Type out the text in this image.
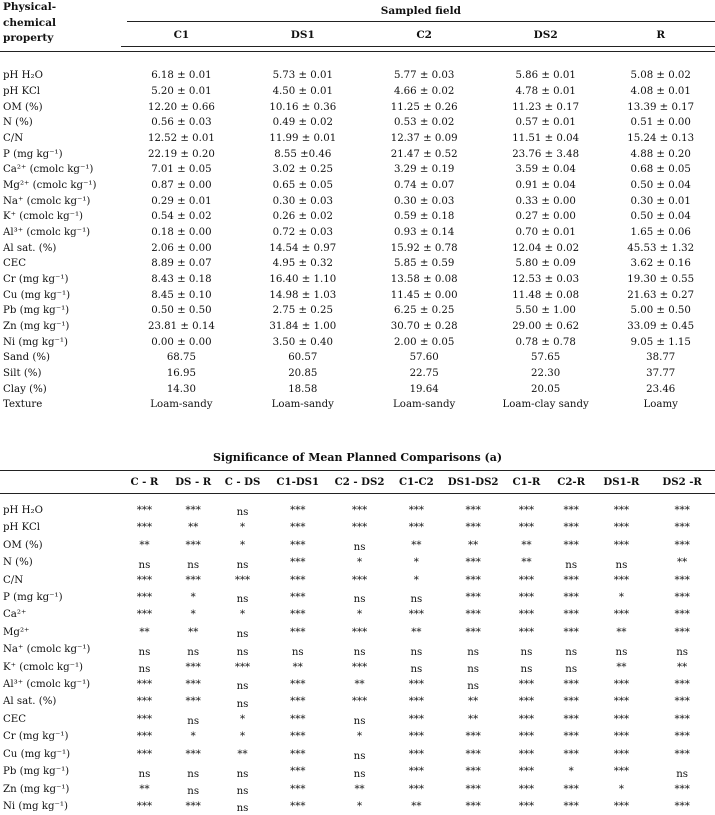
Physical-
chemical
property	Sampled field				

	C1	DS1	C2	DS2	R

pH H₂O	6.18 ± 0.01	5.73 ± 0.01	5.77 ± 0.03	5.86 ± 0.01	5.08 ± 0.02
pH KCl	5.20 ± 0.01	4.50 ± 0.01	4.66 ± 0.02	4.78 ± 0.01	4.08 ± 0.01
OM (%)	12.20 ± 0.66	10.16 ± 0.36	11.25 ± 0.26	11.23 ± 0.17	13.39 ± 0.17
N (%)	0.56 ± 0.03	0.49 ± 0.02	0.53 ± 0.02	0.57 ± 0.01	0.51 ± 0.00
C/N	12.52 ± 0.01	11.99 ± 0.01	12.37 ± 0.09	11.51 ± 0.04	15.24 ± 0.13
P (mg kg⁻¹)	22.19 ± 0.20	8.55 ±0.46	21.47 ± 0.52	23.76 ± 3.48	4.88 ± 0.20
Ca²⁺ (cmolᴄ kg⁻¹)	7.01 ± 0.05	3.02 ± 0.25	3.29 ± 0.19	3.59 ± 0.04	0.68 ± 0.05
Mg²⁺ (cmolᴄ kg⁻¹)	0.87 ± 0.00	0.65 ± 0.05	0.74 ± 0.07	0.91 ± 0.04	0.50 ± 0.04
Na⁺ (cmolᴄ kg⁻¹)	0.29 ± 0.01	0.30 ± 0.03	0.30 ± 0.03	0.33 ± 0.00	0.30 ± 0.01
K⁺ (cmolᴄ kg⁻¹)	0.54 ± 0.02	0.26 ± 0.02	0.59 ± 0.18	0.27 ± 0.00	0.50 ± 0.04
Al³⁺ (cmolᴄ kg⁻¹)	0.18 ± 0.00	0.72 ± 0.03	0.93 ± 0.14	0.70 ± 0.01	1.65 ± 0.06
Al sat. (%)	2.06 ± 0.00	14.54 ± 0.97	15.92 ± 0.78	12.04 ± 0.02	45.53 ± 1.32
CEC	8.89 ± 0.07	4.95 ± 0.32	5.85 ± 0.59	5.80 ± 0.09	3.62 ± 0.16
Cr (mg kg⁻¹)	8.43 ± 0.18	16.40 ± 1.10	13.58 ± 0.08	12.53 ± 0.03	19.30 ± 0.55
Cu (mg kg⁻¹)	8.45 ± 0.10	14.98 ± 1.03	11.45 ± 0.00	11.48 ± 0.08	21.63 ± 0.27
Pb (mg kg⁻¹)	0.50 ± 0.50	2.75 ± 0.25	6.25 ± 0.25	5.50 ± 1.00	5.00 ± 0.50
Zn (mg kg⁻¹)	23.81 ± 0.14	31.84 ± 1.00	30.70 ± 0.28	29.00 ± 0.62	33.09 ± 0.45
Ni (mg kg⁻¹)	0.00 ± 0.00	3.50 ± 0.40	2.00 ± 0.05	0.78 ± 0.78	9.05 ± 1.15
Sand (%)	68.75	60.57	57.60	57.65	38.77
Silt (%)	16.95	20.85	22.75	22.30	37.77
Clay (%)	14.30	18.58	19.64	20.05	23.46
Texture	Loam-sandy	Loam-sandy	Loam-sandy	Loam-clay sandy	Loamy
Significance of Mean Planned Comparisons (a)
	C - R	DS - R	C - DS	C1-DS1	C2 - DS2	C1-C2	DS1-DS2	C1-R	C2-R	DS1-R	DS2 -R

pH H₂O	***	***	ns	***	***	***	***	***	***	***	***
pH KCl	***	**	*	***	***	***	***	***	***	***	***
OM (%)	**	***	*	***	ns	**	**	**	***	***	***
N (%)	ns	ns	ns	***	*	*	***	**	ns	ns	**
C/N	***	***	***	***	***	*	***	***	***	***	***
P (mg kg⁻¹)	***	*	ns	***	ns	ns	***	***	***	*	***
Ca²⁺	***	*	*	***	*	***	***	***	***	***	***
Mg²⁺	**	**	ns	***	***	**	***	***	***	**	***
Na⁺ (cmolᴄ kg⁻¹)	ns	ns	ns	ns	ns	ns	ns	ns	ns	ns	ns
K⁺ (cmolᴄ kg⁻¹)	ns	***	***	**	***	ns	ns	ns	ns	**	**
Al³⁺ (cmolᴄ kg⁻¹)	***	***	ns	***	**	***	ns	***	***	***	***
Al sat. (%)	***	***	ns	***	***	***	**	***	***	***	***
CEC	***	ns	*	***	ns	***	**	***	***	***	***
Cr (mg kg⁻¹)	***	*	*	***	*	***	***	***	***	***	***
Cu (mg kg⁻¹)	***	***	**	***	ns	***	***	***	***	***	***
Pb (mg kg⁻¹)	ns	ns	ns	***	ns	***	***	***	*	***	ns
Zn (mg kg⁻¹)	**	ns	ns	***	**	***	***	***	***	*	***
Ni (mg kg⁻¹)	***	***	ns	***	*	**	***	***	***	***	***
